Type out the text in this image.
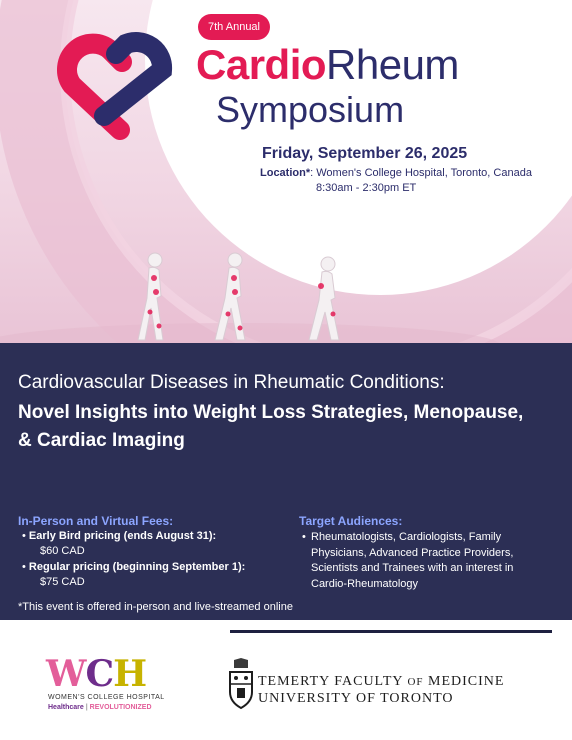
7th Annual
CardioRheum
Symposium
Friday, September 26, 2025
Location*: Women's College Hospital, Toronto, Canada
8:30am - 2:30pm ET
Cardiovascular Diseases in Rheumatic Conditions:
Novel Insights into Weight Loss Strategies, Menopause, & Cardiac Imaging
In-Person and Virtual Fees:
• Early Bird pricing (ends August 31):
$60 CAD
• Regular pricing (beginning September 1):
$75 CAD
Target Audiences:
• Rheumatologists, Cardiologists, Family Physicians, Advanced Practice Providers, Scientists and Trainees with an interest in Cardio-Rheumatology
*This event is offered in-person and live-streamed online
WCH
WOMEN'S COLLEGE HOSPITAL
Healthcare | REVOLUTIONIZED
TEMERTY FACULTY OF MEDICINE
UNIVERSITY OF TORONTO
